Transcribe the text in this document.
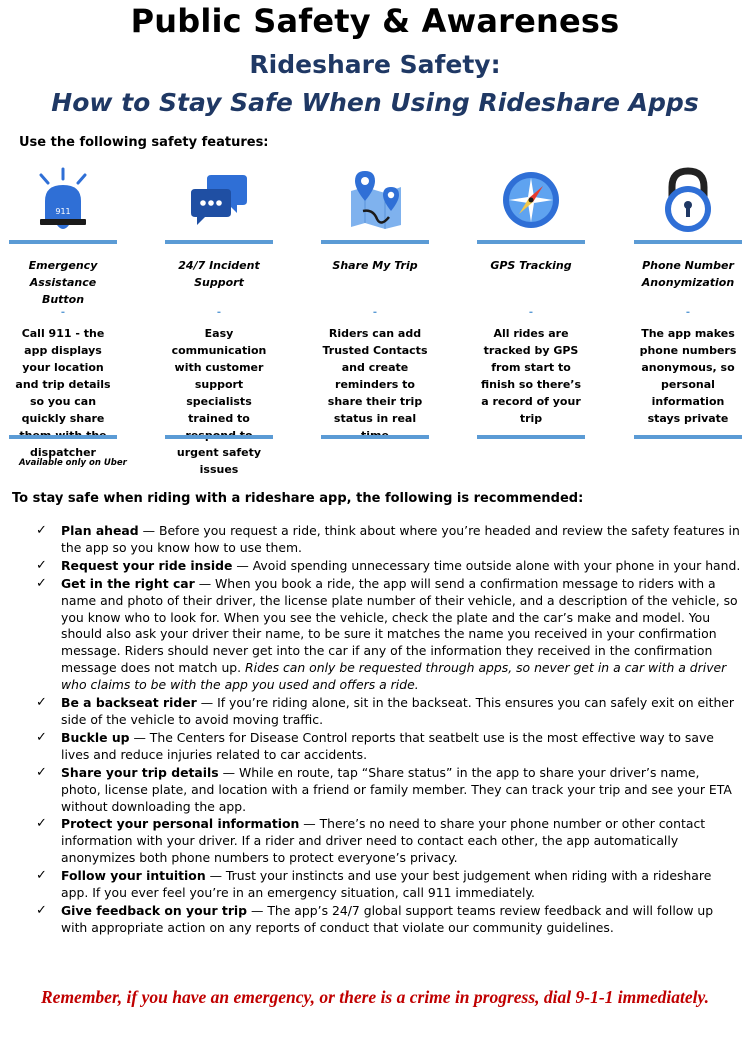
Public Safety & Awareness
Rideshare Safety:
How to Stay Safe When Using Rideshare Apps
Use the following safety features:
911
Emergency Assistance Button
-
Call 911 - the app displays your location and trip details so you can quickly share dispatcher
24/7 Incident Support
-
Easy communication with customer support specialists trained to urgent safety issues
Share My Trip
-
Riders can add Trusted Contacts and create reminders to share their trip status in real
GPS Tracking
-
All rides are tracked by GPS from start to finish so there’s a record of your trip
Phone Number Anonymization
-
The app makes phone numbers anonymous, so personal information stays private
Available only on Uber
To stay safe when riding with a rideshare app, the following is recommended:
✓ Plan ahead — Before you request a ride, think about where you’re headed and review the safety features in the app so you know how to use them.
✓ Request your ride inside — Avoid spending unnecessary time outside alone with your phone in your hand.
✓ Get in the right car — When you book a ride, the app will send a confirmation message to riders with a name and photo of their driver, the license plate number of their vehicle, and a description of the vehicle, so you know who to look for. When you see the vehicle, check the plate and the car’s make and model. You should also ask your driver their name, to be sure it matches the name you received in your confirmation message. Riders should never get into the car if any of the information they received in the confirmation message does not match up. Rides can only be requested through apps, so never get in a car with a driver who claims to be with the app you used and offers a ride.
✓ Be a backseat rider — If you’re riding alone, sit in the backseat. This ensures you can safely exit on either side of the vehicle to avoid moving traffic.
✓ Buckle up — The Centers for Disease Control reports that seatbelt use is the most effective way to save lives and reduce injuries related to car accidents.
✓ Share your trip details — While en route, tap “Share status” in the app to share your driver’s name, photo, license plate, and location with a friend or family member. They can track your trip and see your ETA without downloading the app.
✓ Protect your personal information — There’s no need to share your phone number or other contact information with your driver. If a rider and driver need to contact each other, the app automatically anonymizes both phone numbers to protect everyone’s privacy.
✓ Follow your intuition — Trust your instincts and use your best judgement when riding with a rideshare app. If you ever feel you’re in an emergency situation, call 911 immediately.
✓ Give feedback on your trip — The app’s 24/7 global support teams review feedback and will follow up with appropriate action on any reports of conduct that violate our community guidelines.
Remember, if you have an emergency, or there is a crime in progress, dial 9-1-1 immediately.
